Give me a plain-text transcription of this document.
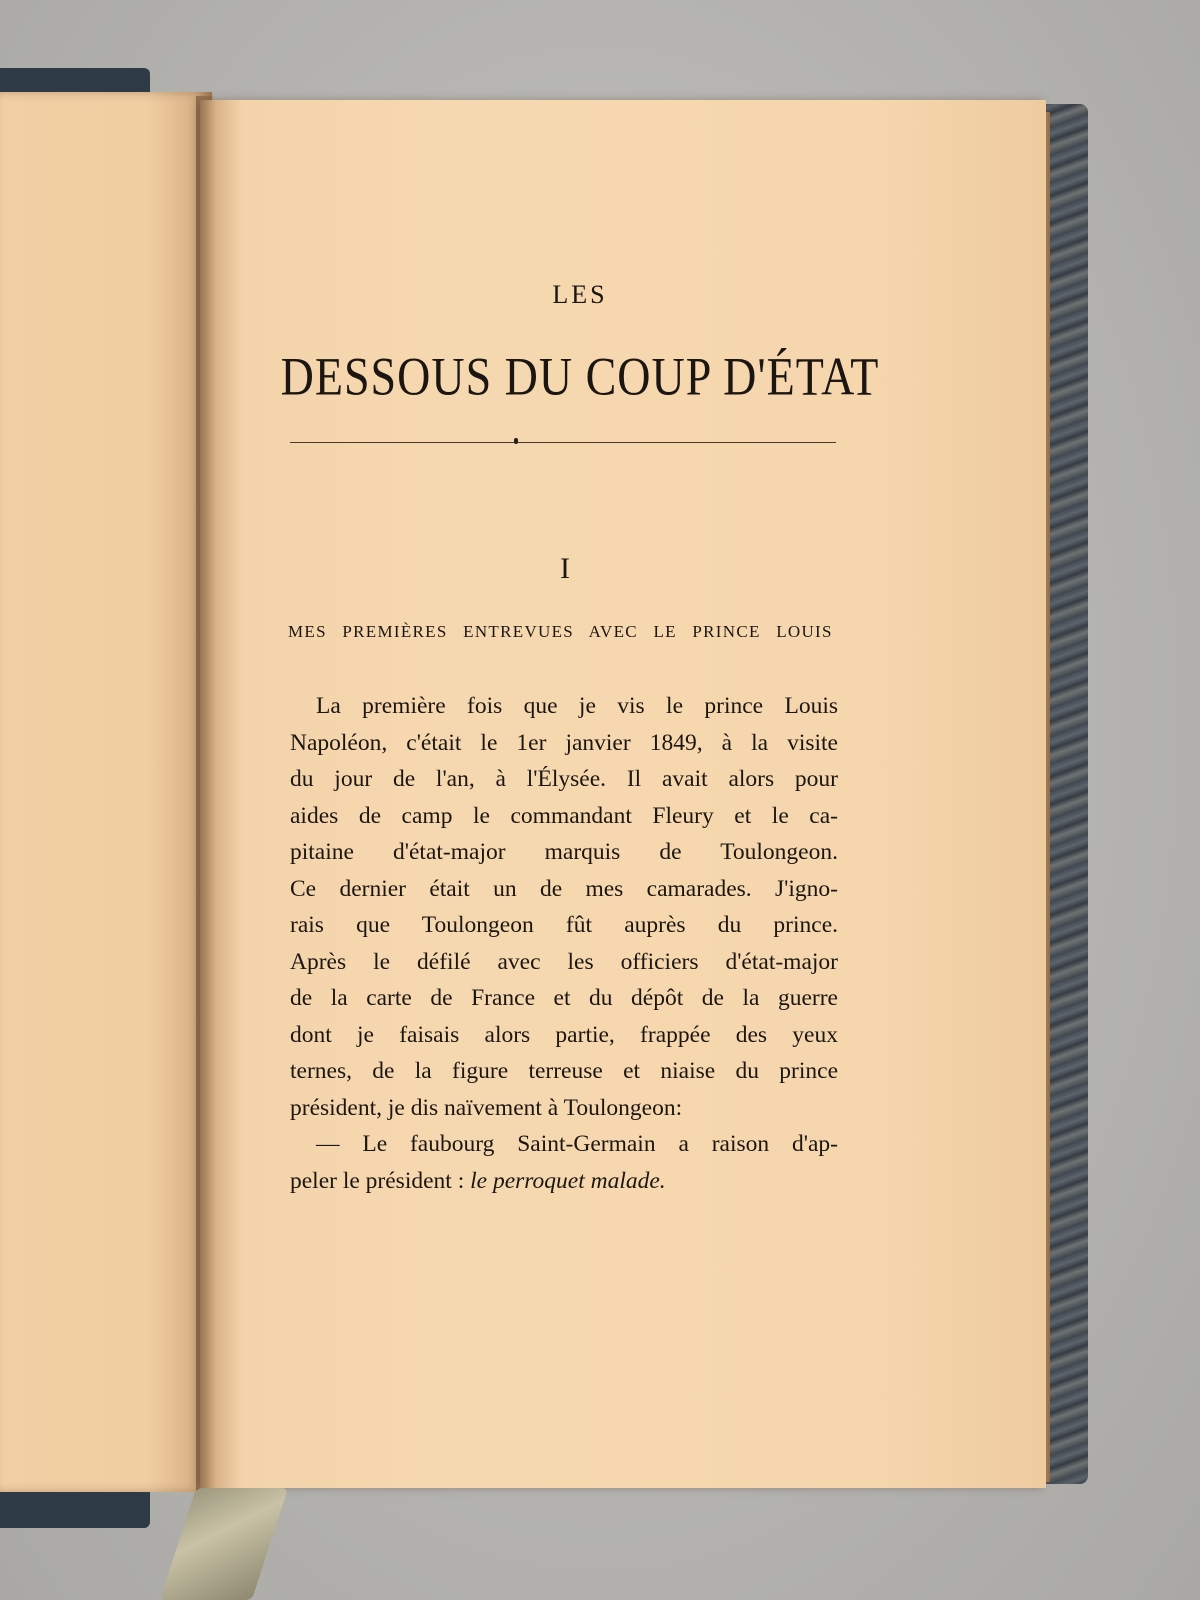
LES
DESSOUS DU COUP D'ÉTAT
I
MES PREMIÈRES ENTREVUES AVEC LE PRINCE LOUIS
La première fois que je vis le prince Louis
Napoléon, c'était le 1er janvier 1849, à la visite
du jour de l'an, à l'Élysée. Il avait alors pour
aides de camp le commandant Fleury et le ca-
pitaine d'état-major marquis de Toulongeon.
Ce dernier était un de mes camarades. J'igno-
rais que Toulongeon fût auprès du prince.
Après le défilé avec les officiers d'état-major
de la carte de France et du dépôt de la guerre
dont je faisais alors partie, frappée des yeux
ternes, de la figure terreuse et niaise du prince
président, je dis naïvement à Toulongeon:
— Le faubourg Saint-Germain a raison d'ap-
peler le président : le perroquet malade.
